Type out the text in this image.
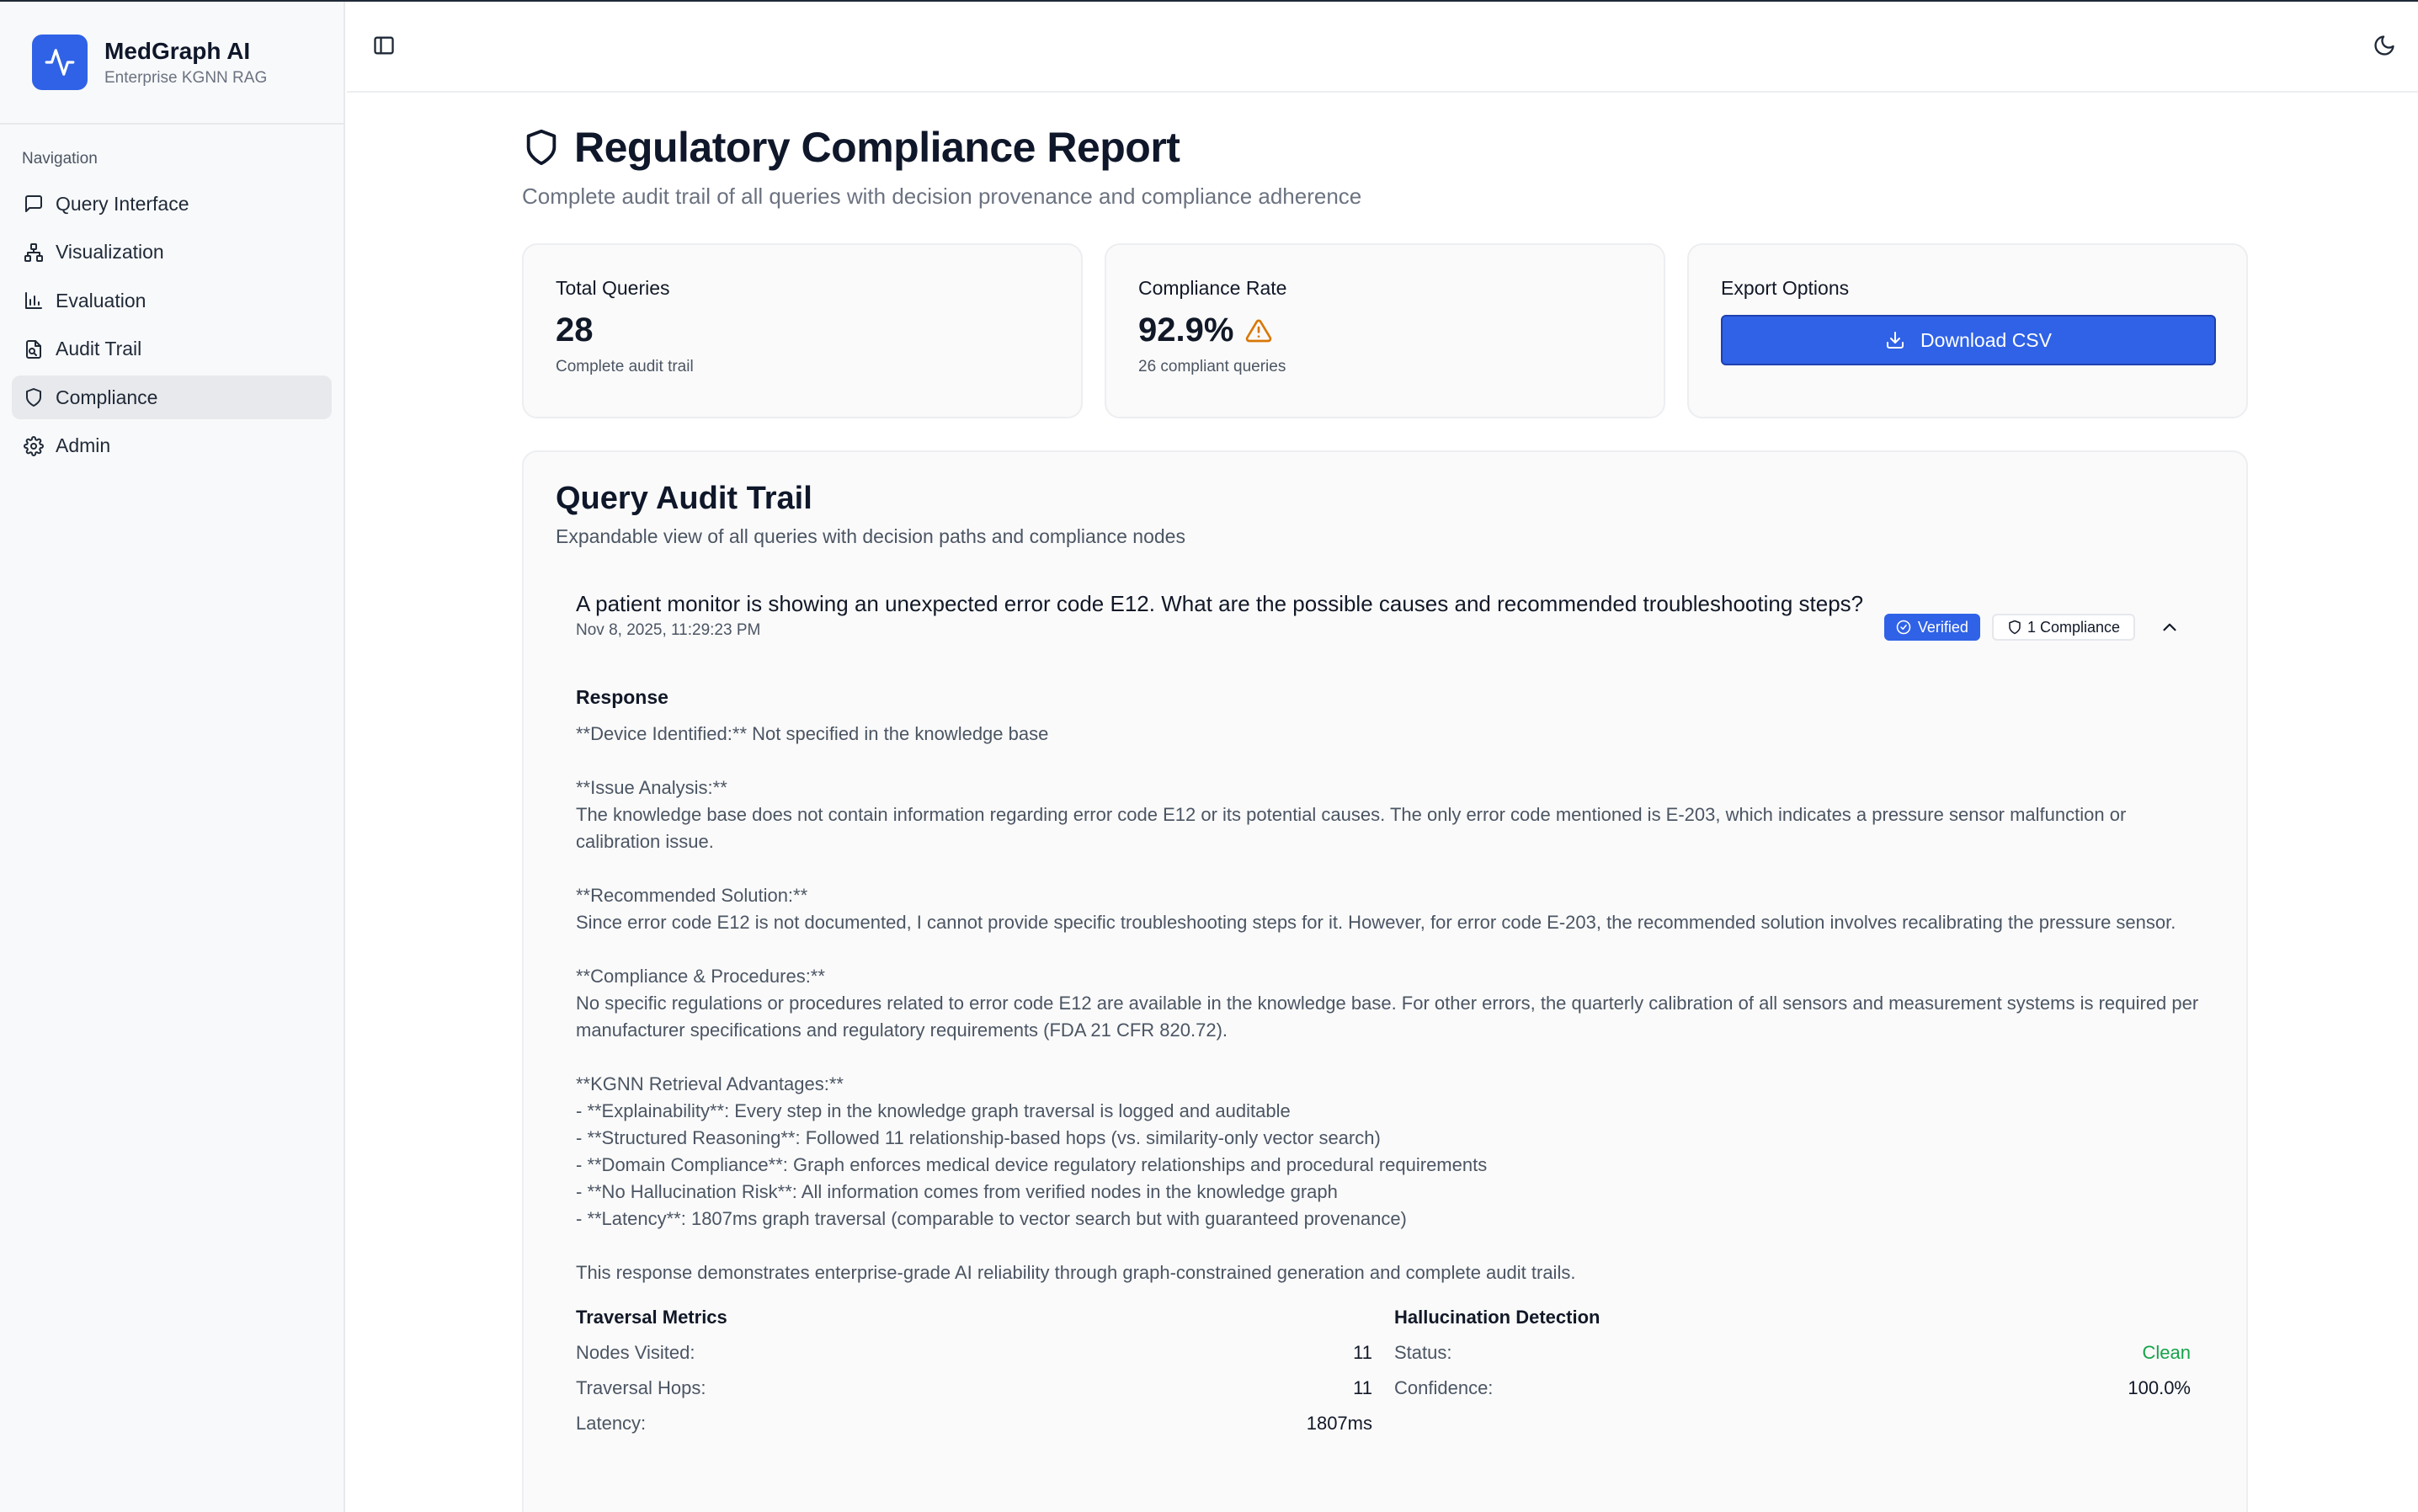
MedGraph AI
Enterprise KGNN RAG
Navigation
Query Interface
Visualization
Evaluation
Audit Trail
Compliance
Admin
Regulatory Compliance Report

Complete audit trail of all queries with decision provenance and compliance adherence

Total Queries
28
Complete audit trail
Compliance Rate
92.9%
26 compliant queries
Export Options
Download CSV
Query Audit Trail

Expandable view of all queries with decision paths and compliance nodes

A patient monitor is showing an unexpected error code E12. What are the possible causes and recommended troubleshooting steps?
Nov 8, 2025, 11:29:23 PM	Verified	1 Compliance
Response
**Device Identified:** Not specified in the knowledge base

**Issue Analysis:**
The knowledge base does not contain information regarding error code E12 or its potential causes. The only error code mentioned is E-203, which indicates a pressure sensor malfunction or calibration issue.

**Recommended Solution:**
Since error code E12 is not documented, I cannot provide specific troubleshooting steps for it. However, for error code E-203, the recommended solution involves recalibrating the pressure sensor.

**Compliance & Procedures:**
No specific regulations or procedures related to error code E12 are available in the knowledge base. For other errors, the quarterly calibration of all sensors and measurement systems is required per manufacturer specifications and regulatory requirements (FDA 21 CFR 820.72).

**KGNN Retrieval Advantages:**
- **Explainability**: Every step in the knowledge graph traversal is logged and auditable
- **Structured Reasoning**: Followed 11 relationship-based hops (vs. similarity-only vector search)
- **Domain Compliance**: Graph enforces medical device regulatory relationships and procedural requirements
- **No Hallucination Risk**: All information comes from verified nodes in the knowledge graph
- **Latency**: 1807ms graph traversal (comparable to vector search but with guaranteed provenance)

This response demonstrates enterprise-grade AI reliability through graph-constrained generation and complete audit trails.
Traversal Metrics
Nodes Visited:	11
Traversal Hops:	11
Latency:	1807ms
Hallucination Detection
Status:	Clean
Confidence:	100.0%
